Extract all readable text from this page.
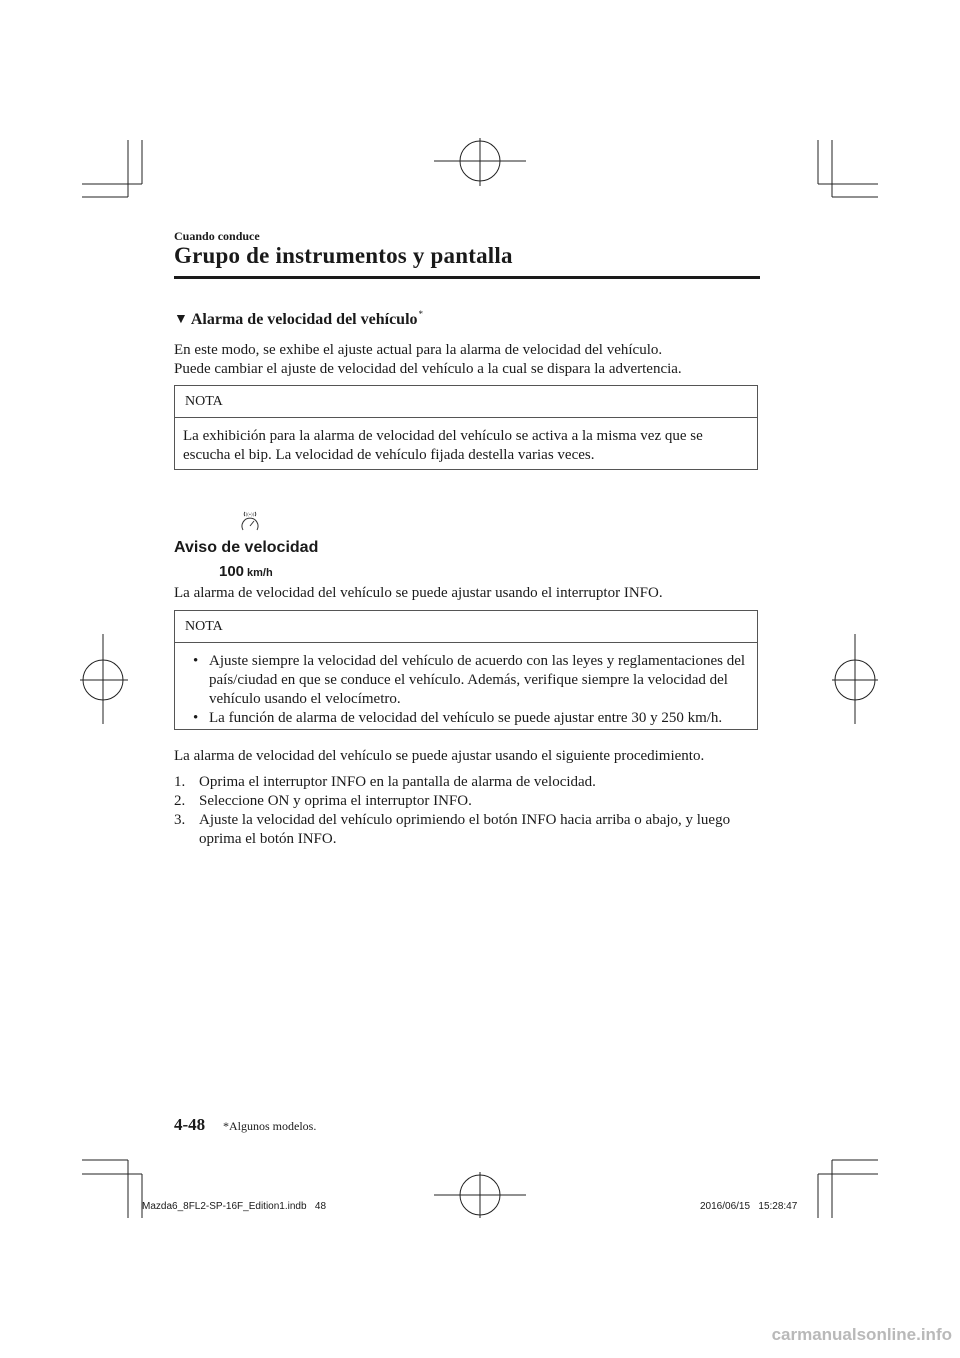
Cuando conduce
Grupo de instrumentos y pantalla
▼ Alarma de velocidad del vehículo *
En este modo, se exhibe el ajuste actual para la alarma de velocidad del vehículo.
Puede cambiar el ajuste de velocidad del vehículo a la cual se dispara la advertencia.
NOTA
La exhibición para la alarma de velocidad del vehículo se activa a la misma vez que se escucha el bip. La velocidad de vehículo fijada destella varias veces.
((•))
Aviso de velocidad
100 km/h
La alarma de velocidad del vehículo se puede ajustar usando el interruptor INFO.
NOTA
• Ajuste siempre la velocidad del vehículo de acuerdo con las leyes y reglamentaciones del país/ciudad en que se conduce el vehículo. Además, verifique siempre la velocidad del vehículo usando el velocímetro.
• La función de alarma de velocidad del vehículo se puede ajustar entre 30 y 250 km/h.
La alarma de velocidad del vehículo se puede ajustar usando el siguiente procedimiento.
1. Oprima el interruptor INFO en la pantalla de alarma de velocidad.
2. Seleccione ON y oprima el interruptor INFO.
3. Ajuste la velocidad del vehículo oprimiendo el botón INFO hacia arriba o abajo, y luego oprima el botón INFO.
4-48 *Algunos modelos.
Mazda6_8FL2-SP-16F_Edition1.indb   48	2016/06/15   15:28:47
carmanualsonline.info
